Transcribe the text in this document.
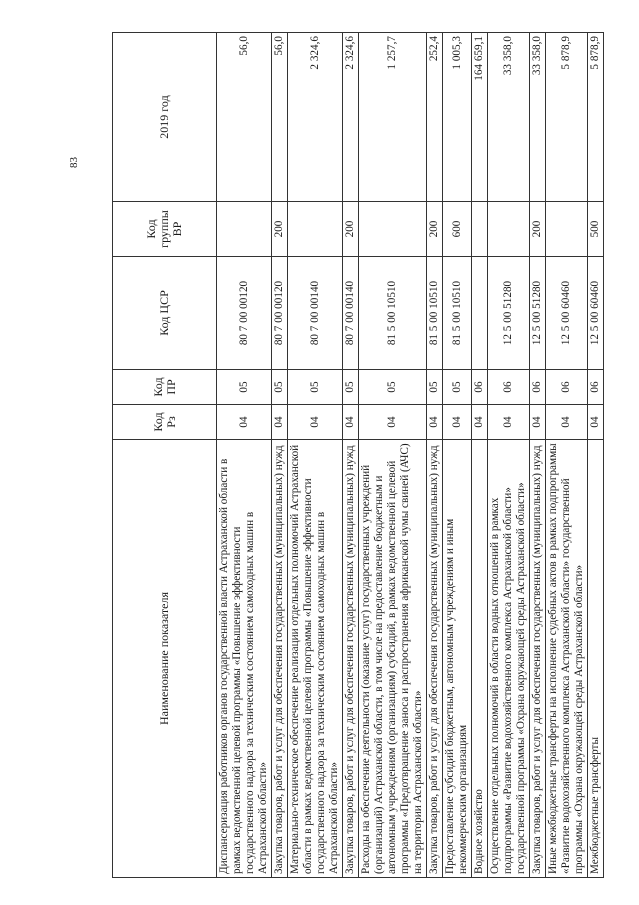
83
Наименование показателя	Код Рз	Код ПР	Код ЦСР	Код группы ВР	2019 год
Диспансеризация работников органов государственной власти Астраханской области в рамках ведомственной целевой программы «Повышение эффективности государственного надзора за техническим состоянием самоходных машин в Астраханской области»	04	05	80 7 00 00120		56,0
Закупка товаров, работ и услуг для обеспечения государственных (муниципальных) нужд	04	05	80 7 00 00120	200	56,0
Материально-техническое обеспечение реализации отдельных полномочий Астраханской области в рамках ведомственной целевой программы «Повышение эффективности государственного надзора за техническим состоянием самоходных машин в Астраханской области»	04	05	80 7 00 00140		2 324,6
Закупка товаров, работ и услуг для обеспечения государственных (муниципальных) нужд	04	05	80 7 00 00140	200	2 324,6
Расходы на обеспечение деятельности (оказание услуг) государственных учреждений (организаций) Астраханской области, в том числе на предоставление бюджетным и автономным учреждениям (организациям) субсидий, в рамках ведомственной целевой программы «Предотвращение заноса и распространения африканской чумы свиней (АЧС) на территории Астраханской области»	04	05	81 5 00 10510		1 257,7
Закупка товаров, работ и услуг для обеспечения государственных (муниципальных) нужд	04	05	81 5 00 10510	200	252,4
Предоставление субсидий бюджетным, автономным учреждениям и иным некоммерческим организациям	04	05	81 5 00 10510	600	1 005,3
Водное хозяйство	04	06			164 659,1
Осуществление отдельных полномочий в области водных отношений в рамках подпрограммы «Развитие водохозяйственного комплекса Астраханской области» государственной программы «Охрана окружающей среды Астраханской области»	04	06	12 5 00 51280		33 358,0
Закупка товаров, работ и услуг для обеспечения государственных (муниципальных) нужд	04	06	12 5 00 51280	200	33 358,0
Иные межбюджетные трансферты на исполнение судебных актов в рамках подпрограммы «Развитие водохозяйственного комплекса Астраханской области» государственной программы «Охрана окружающей среды Астраханской области»	04	06	12 5 00 60460		5 878,9
Межбюджетные трансферты	04	06	12 5 00 60460	500	5 878,9
